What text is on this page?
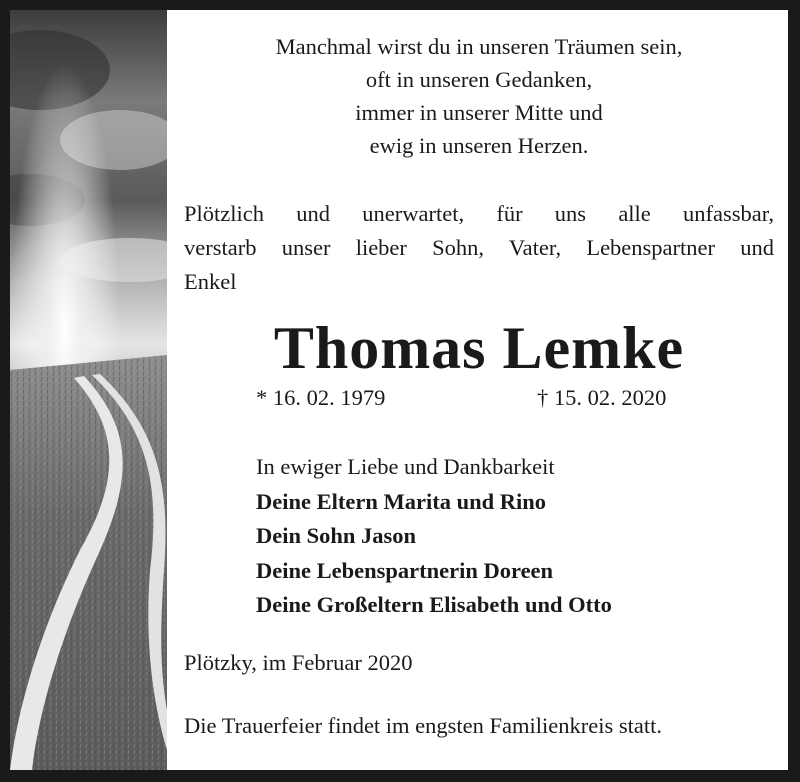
Manchmal wirst du in unseren Träumen sein,
oft in unseren Gedanken,
immer in unserer Mitte und
ewig in unseren Herzen.
Plötzlich und unerwartet, für uns alle unfassbar,
verstarb unser lieber Sohn, Vater, Lebenspartner und
Enkel
Thomas Lemke
* 16. 02. 1979	† 15. 02. 2020
In ewiger Liebe und Dankbarkeit
Deine Eltern Marita und Rino
Dein Sohn Jason
Deine Lebenspartnerin Doreen
Deine Großeltern Elisabeth und Otto
Plötzky, im Februar 2020
Die Trauerfeier findet im engsten Familienkreis statt.
